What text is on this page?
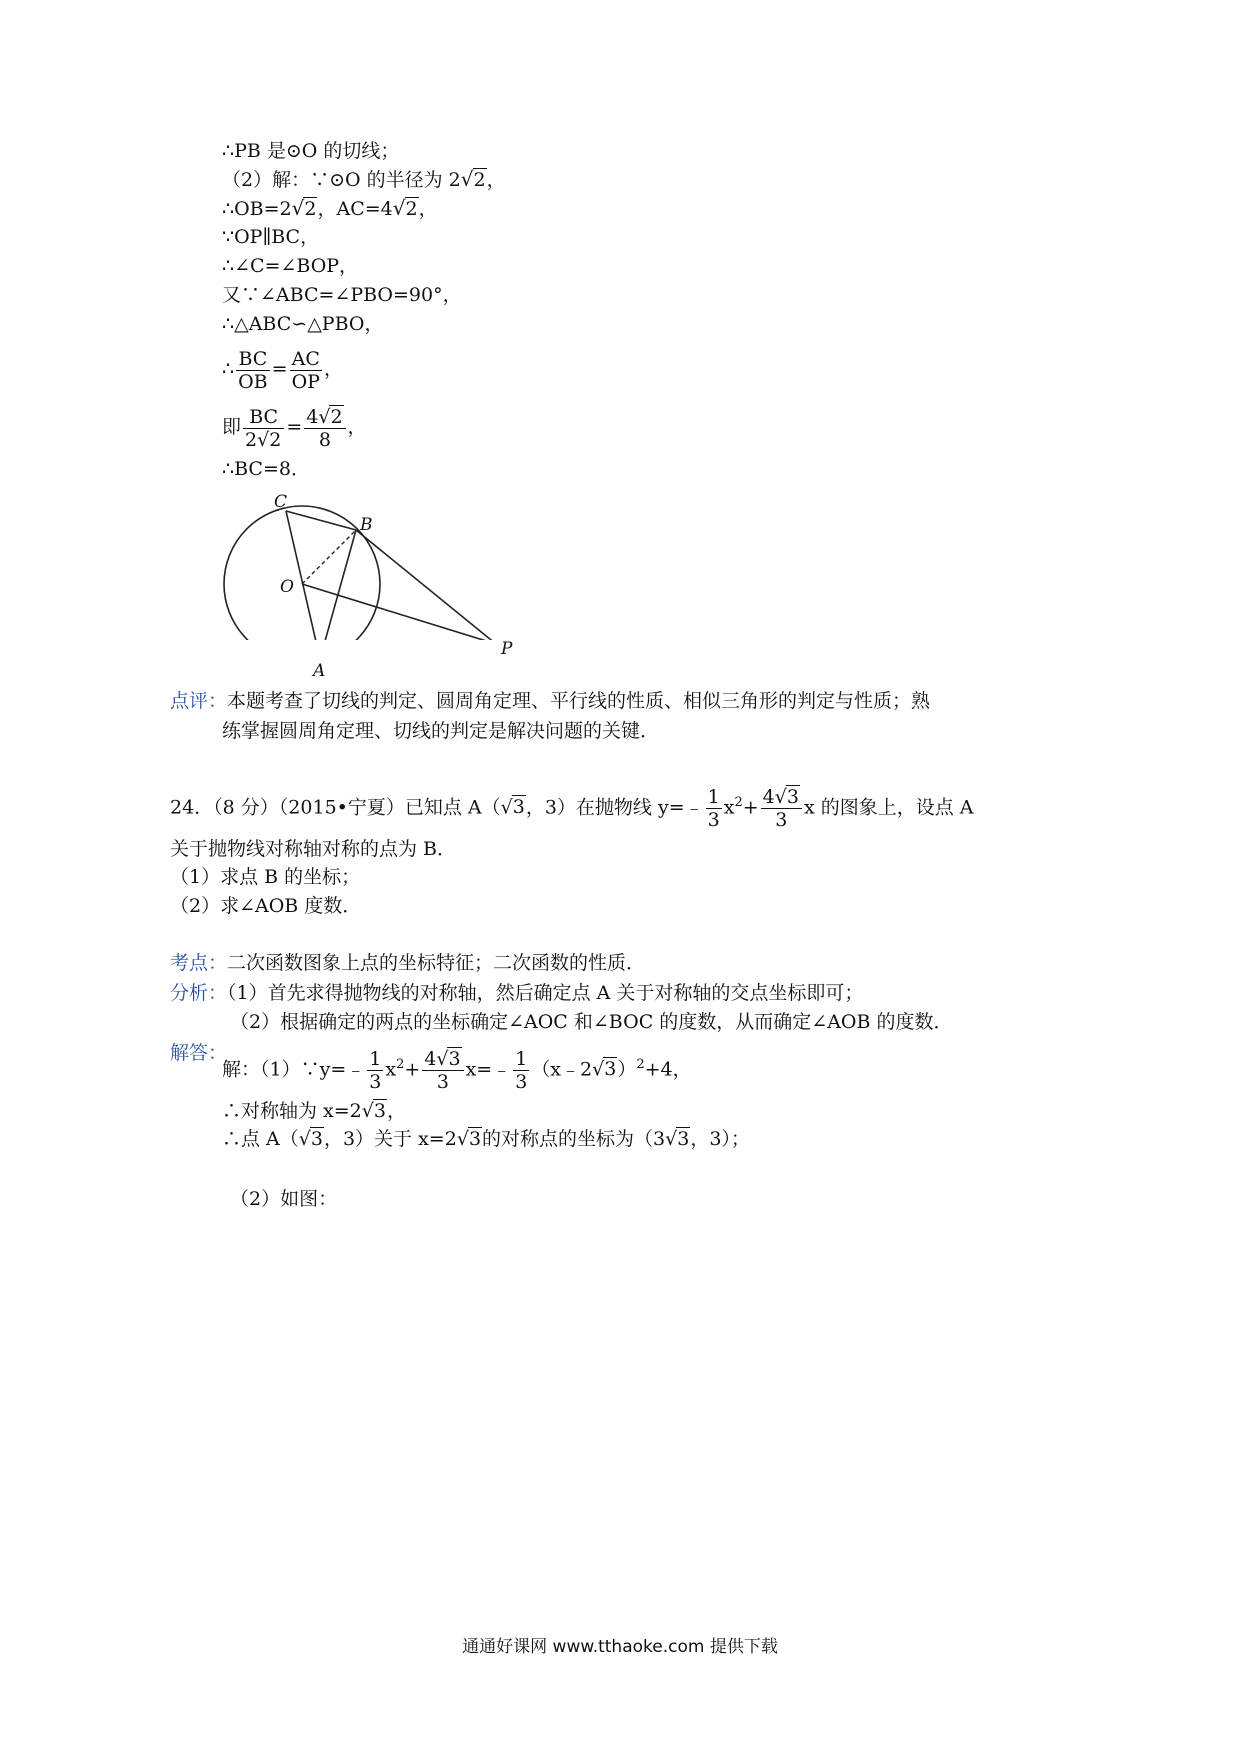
∴PB 是⊙O 的切线；
（2）解：∵⊙O 的半径为 2√2，
∴OB=2√2，AC=4√2，
∵OP∥BC，
∴∠C=∠BOP，
又∵∠ABC=∠PBO=90°，
∴△ABC∽△PBO，
∴ $\frac{BC}{OB} = \frac{AC}{OP}$ ，
即 $\frac{BC}{2√2} = \frac{4√2}{8}$ ，
∴BC=8．
C
B
O
A
P
点评：本题考查了切线的判定、圆周角定理、平行线的性质、相似三角形的判定与性质；熟
练掌握圆周角定理、切线的判定是解决问题的关键．
24．（8 分）（2015•宁夏）已知点 A（√3，3）在抛物线 y=﹣ $\frac{1}{3} x^2+ \frac{4√3}{3}$ x 的图象上，设点 A
关于抛物线对称轴对称的点为 B．
（1）求点 B 的坐标；
（2）求∠AOB 度数．
考点：二次函数图象上点的坐标特征；二次函数的性质．
分析：（1）首先求得抛物线的对称轴，然后确定点 A 关于对称轴的交点坐标即可；
（2）根据确定的两点的坐标确定∠AOC 和∠BOC 的度数，从而确定∠AOB 的度数．
解答：
解：（1）∵y=﹣ $\frac{1}{3} x^2+ \frac{4√3}{3}$ x=﹣ $\frac{1}{3}$ （x﹣2√3）$^2$+4，
∴对称轴为 x=2√3，
∴点 A（√3，3）关于 x=2√3的对称点的坐标为（3√3，3）；
（2）如图：
通通好课网 www.tthaoke.com 提供下载
